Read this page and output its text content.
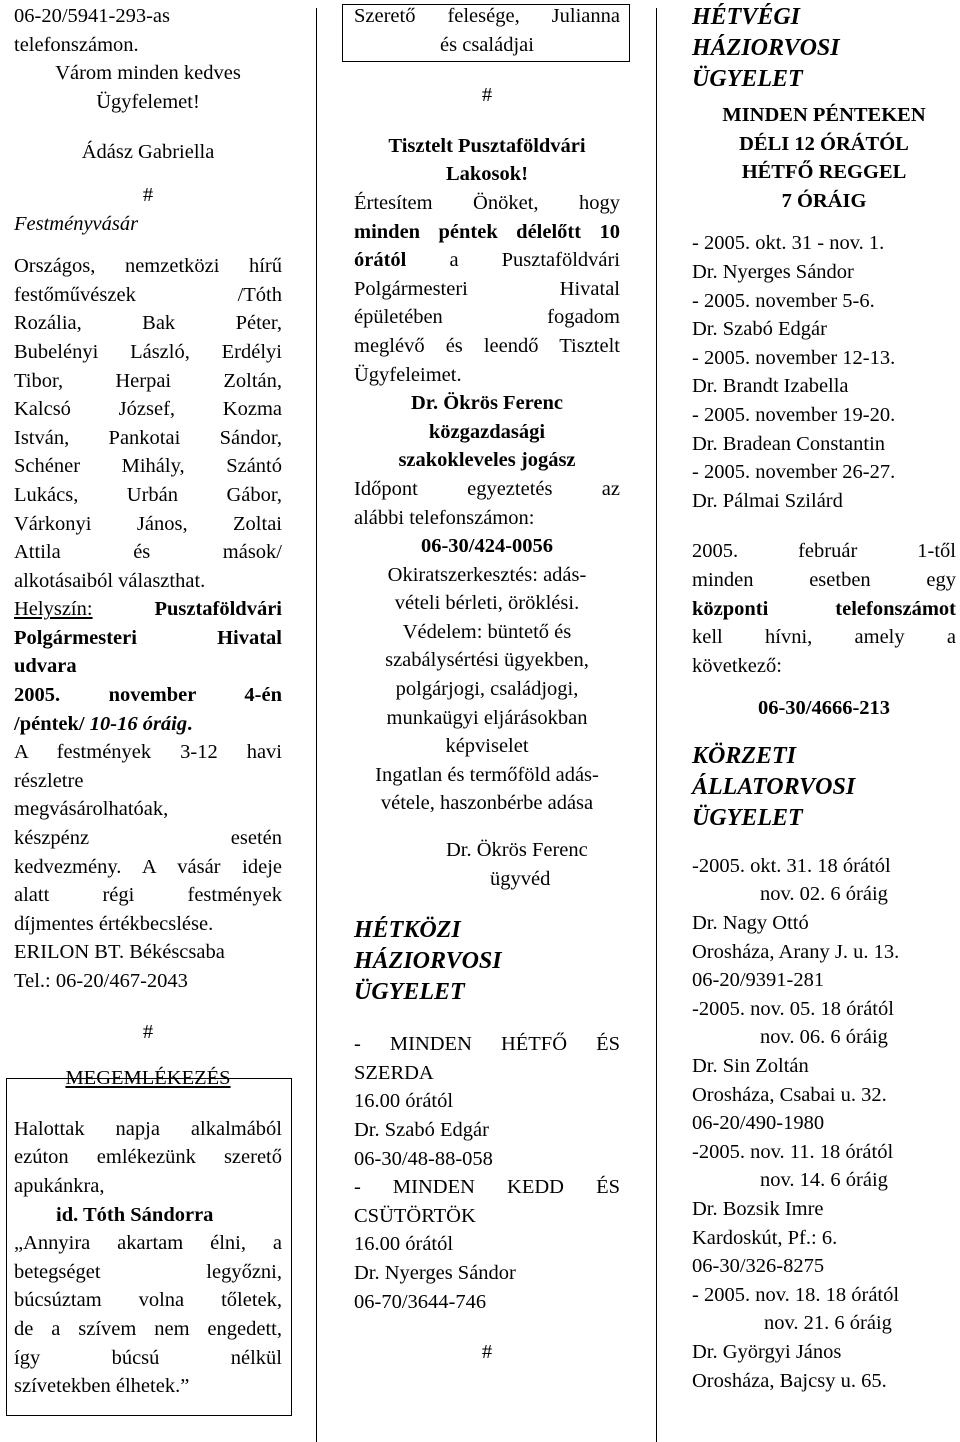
06-20/5941-293-as

telefonszámon.

Várom minden kedves

Ügyfelemet!

Ádász Gabriella

#

Festményvásár

Országos, nemzetközi hírű

festőművészek /Tóth

Rozália, Bak Péter,

Bubelényi László, Erdélyi

Tibor, Herpai Zoltán,

Kalcsó József, Kozma

István, Pankotai Sándor,

Schéner Mihály, Szántó

Lukács, Urbán Gábor,

Várkonyi János, Zoltai

Attila és mások/

alkotásaiból választhat.

Helyszín:	Pusztaföldvári

Polgármesteri Hivatal

udvara

2005. november 4-én

/péntek/ 10-16 óráig.

A festmények 3-12 havi

részletre

megvásárolhatóak,

készpénz esetén

kedvezmény. A vásár ideje

alatt régi festmények

díjmentes értékbecslése.

ERILON BT. Békéscsaba

Tel.: 06-20/467-2043

#

MEGEMLÉKEZÉS

Halottak napja alkalmából

ezúton emlékezünk szerető

apukánkra,

id. Tóth Sándorra

„Annyira akartam élni, a

betegséget legyőzni,

búcsúztam volna tőletek,

de a szívem nem engedett,

így búcsú nélkül

szívetekben élhetek.”

Szerető felesége, Julianna

és családjai

#

Tisztelt Pusztaföldvári

Lakosok!

Értesítem Önöket, hogy

minden péntek délelőtt 10

órától a Pusztaföldvári

Polgármesteri Hivatal

épületében fogadom

meglévő és leendő Tisztelt

Ügyfeleimet.

Dr. Ökrös Ferenc

közgazdasági

szakokleveles jogász

Időpont egyeztetés az

alábbi telefonszámon:

06-30/424-0056

Okiratszerkesztés: adás-

vételi bérleti, öröklési.

Védelem: büntető és

szabálysértési ügyekben,

polgárjogi, családjogi,

munkaügyi eljárásokban

képviselet

Ingatlan és termőföld adás-

vétele, haszonbérbe adása

Dr. Ökrös Ferenc

ügyvéd

HÉTKÖZI

HÁZIORVOSI

ÜGYELET

- MINDEN HÉTFŐ ÉS

SZERDA

16.00 órától

Dr. Szabó Edgár

06-30/48-88-058

- MINDEN KEDD ÉS

CSÜTÖRTÖK

16.00 órától

Dr. Nyerges Sándor

06-70/3644-746

#

HÉTVÉGI

HÁZIORVOSI

ÜGYELET

MINDEN PÉNTEKEN

DÉLI 12 ÓRÁTÓL

HÉTFŐ REGGEL

7 ÓRÁIG

- 2005. okt. 31 - nov. 1.

Dr. Nyerges Sándor

- 2005. november 5-6.

Dr. Szabó Edgár

- 2005. november 12-13.

Dr. Brandt Izabella

- 2005. november 19-20.

Dr. Bradean Constantin

- 2005. november 26-27.

Dr. Pálmai Szilárd

2005. február 1-től

minden esetben egy

központi telefonszámot

kell hívni, amely a

következő:

06-30/4666-213

KÖRZETI

ÁLLATORVOSI

ÜGYELET

-2005. okt. 31. 18 órától

nov. 02. 6 óráig

Dr. Nagy Ottó

Orosháza, Arany J. u. 13.

06-20/9391-281

-2005. nov. 05. 18 órától

nov. 06. 6 óráig

Dr. Sin Zoltán

Orosháza, Csabai u. 32.

06-20/490-1980

-2005. nov. 11. 18 órától

nov. 14. 6 óráig

Dr. Bozsik Imre

Kardoskút, Pf.: 6.

06-30/326-8275

- 2005. nov. 18. 18 órától

nov. 21. 6 óráig

Dr. Györgyi János

Orosháza, Bajcsy u. 65.
